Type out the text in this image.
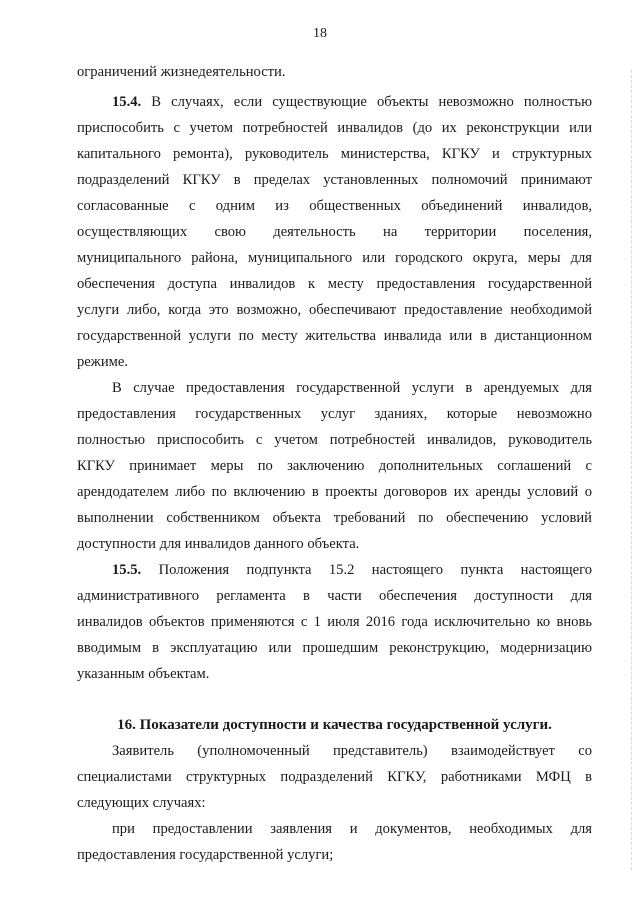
18
ограничений жизнедеятельности.
15.4. В случаях, если существующие объекты невозможно полностью
приспособить с учетом потребностей инвалидов (до их реконструкции или
капитального ремонта), руководитель министерства, КГКУ и структурных
подразделений КГКУ в пределах установленных полномочий принимают
согласованные с одним из общественных объединений инвалидов,
осуществляющих свою деятельность на территории поселения,
муниципального района, муниципального или городского округа, меры для
обеспечения доступа инвалидов к месту предоставления государственной
услуги либо, когда это возможно, обеспечивают предоставление необходимой
государственной услуги по месту жительства инвалида или в дистанционном
режиме.
В случае предоставления государственной услуги в арендуемых для
предоставления государственных услуг зданиях, которые невозможно
полностью приспособить с учетом потребностей инвалидов, руководитель
КГКУ принимает меры по заключению дополнительных соглашений с
арендодателем либо по включению в проекты договоров их аренды условий о
выполнении собственником объекта требований по обеспечению условий
доступности для инвалидов данного объекта.
15.5. Положения подпункта 15.2 настоящего пункта настоящего
административного регламента в части обеспечения доступности для
инвалидов объектов применяются с 1 июля 2016 года исключительно ко вновь
вводимым в эксплуатацию или прошедшим реконструкцию, модернизацию
указанным объектам.
16. Показатели доступности и качества государственной услуги.
Заявитель (уполномоченный представитель) взаимодействует со
специалистами структурных подразделений КГКУ, работниками МФЦ в
следующих случаях:
при предоставлении заявления и документов, необходимых для
предоставления государственной услуги;
